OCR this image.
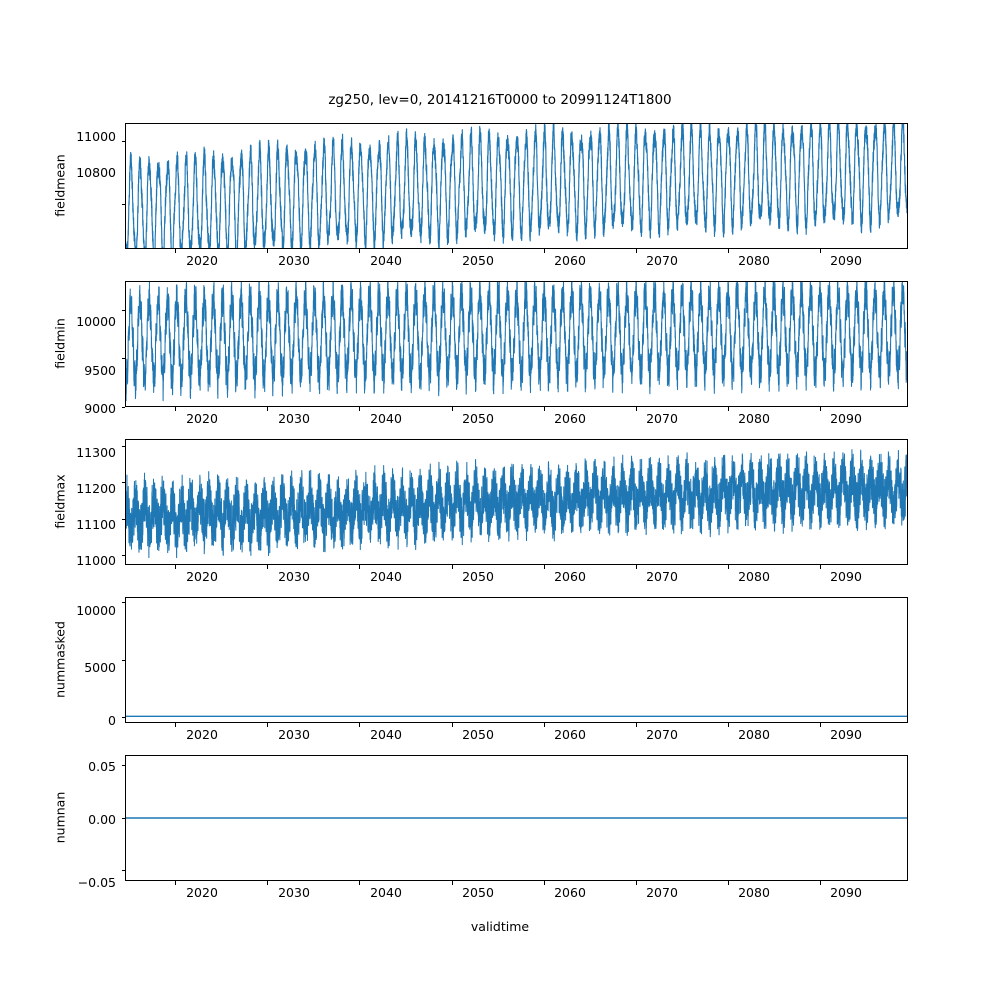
zg250, lev=0, 20141216T0000 to 20991124T1800
fieldmean 10800
11000
2020	2030	2040	2050	2060	2070	2080	2090
fieldmin
9000
9500
10000
2020	2030	2040	2050	2060	2070	2080	2090
fieldmax
11000
11100
11200
11300
2020	2030	2040	2050	2060	2070	2080	2090
nummasked
0
5000
10000
2020	2030	2040	2050	2060	2070	2080	2090
numnan
−0.05
0.00
0.05
2020	2030	2040	2050	2060	2070	2080	2090
validtime
